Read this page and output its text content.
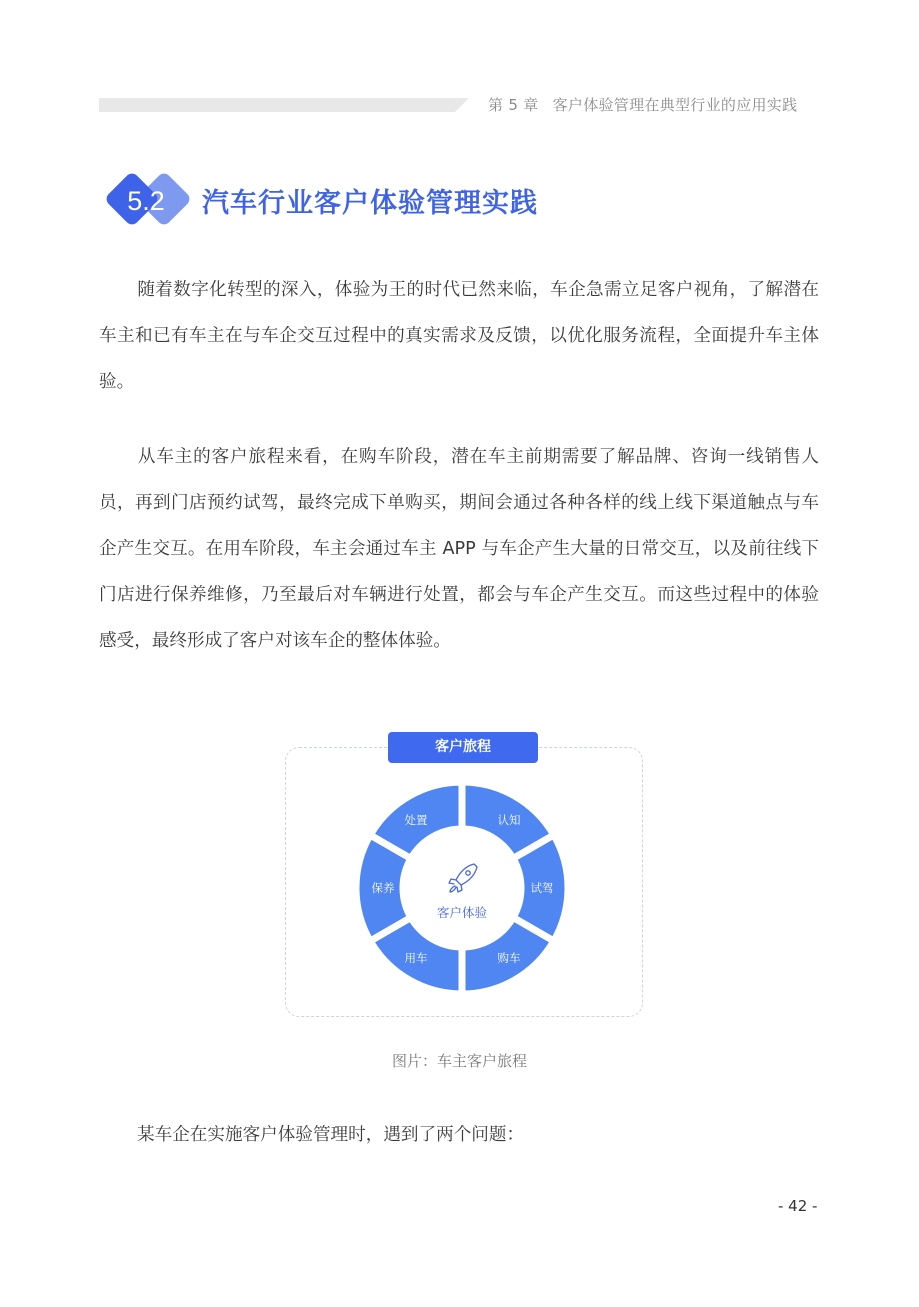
第 5 章 客户体验管理在典型行业的应用实践
5.2 汽车行业客户体验管理实践

随着数字化转型的深入，体验为王的时代已然来临，车企急需立足客户视角，了解潜在车主和已有车主在与车企交互过程中的真实需求及反馈，以优化服务流程，全面提升车主体验。

从车主的客户旅程来看，在购车阶段，潜在车主前期需要了解品牌、咨询一线销售人员，再到门店预约试驾，最终完成下单购买，期间会通过各种各样的线上线下渠道触点与车企产生交互。在用车阶段，车主会通过车主 APP 与车企产生大量的日常交互，以及前往线下门店进行保养维修，乃至最后对车辆进行处置，都会与车企产生交互。而这些过程中的体验感受，最终形成了客户对该车企的整体体验。

认知
试驾
购车
用车
保养
处置
客户体验
客户旅程
图片：车主客户旅程

某车企在实施客户体验管理时，遇到了两个问题：

- 42 -
